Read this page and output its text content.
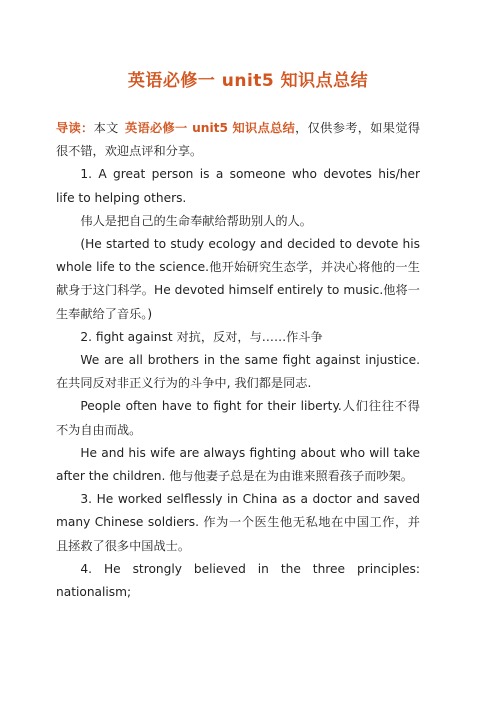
英语必修一 unit5 知识点总结

导读：本文 英语必修一 unit5 知识点总结，仅供参考，如果觉得很不错，欢迎点评和分享。

1. A great person is a someone who devotes his/her life to helping others.

伟人是把自己的生命奉献给帮助别人的人。

(He started to study ecology and decided to devote his whole life to the science.他开始研究生态学，并决心将他的一生献身于这门科学。He devoted himself entirely to music.他将一生奉献给了音乐。)

2. fight against 对抗，反对，与……作斗争

We are all brothers in the same fight against injustice.在共同反对非正义行为的斗争中, 我们都是同志.

People often have to fight for their liberty.人们往往不得不为自由而战。

He and his wife are always fighting about who will take after the children. 他与他妻子总是在为由谁来照看孩子而吵架。

3. He worked selflessly in China as a doctor and saved many Chinese soldiers. 作为一个医生他无私地在中国工作，并且拯救了很多中国战士。

4. He strongly believed in the three principles: nationalism;
